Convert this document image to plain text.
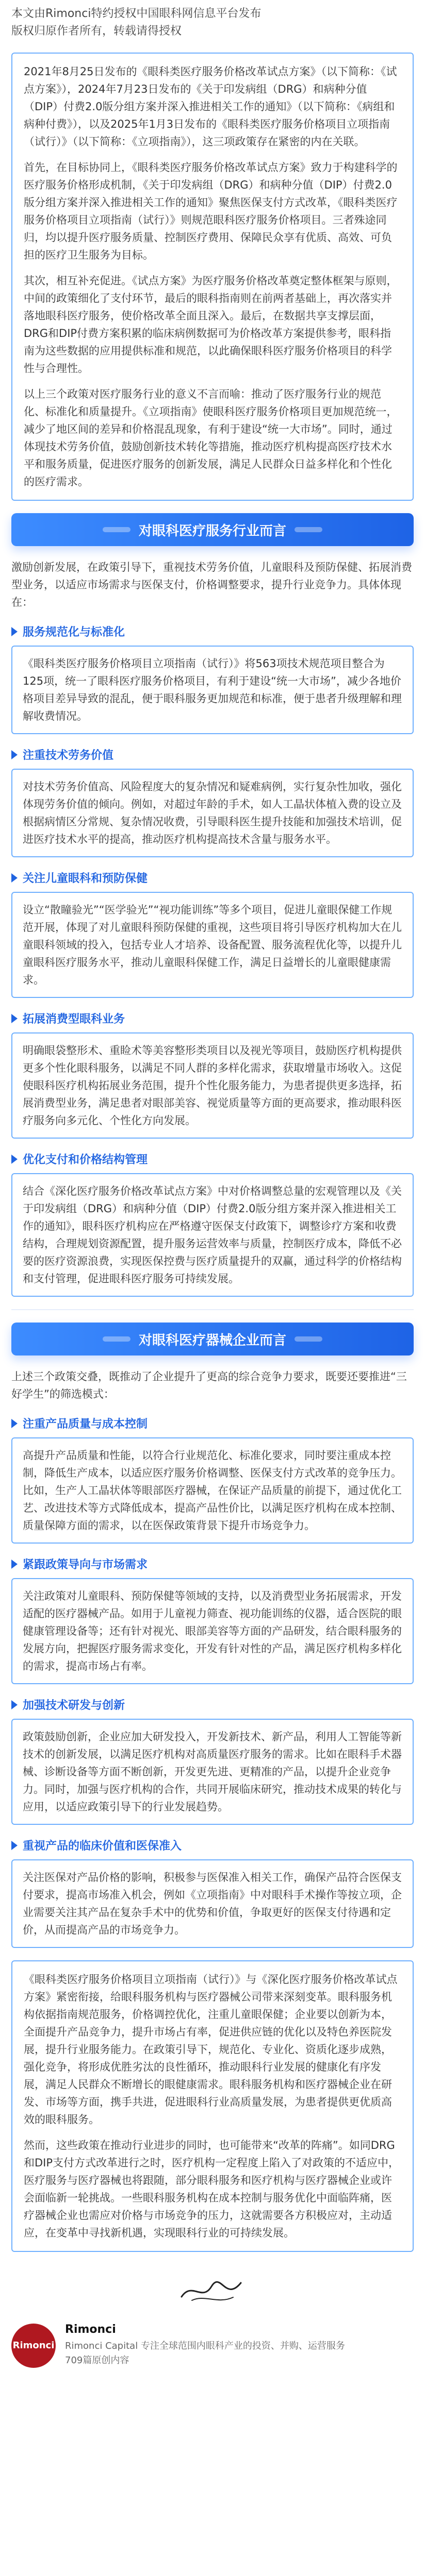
本文由Rimonci特约授权中国眼科网信息平台发布
版权归原作者所有，转载请得授权
2021年8月25日发布的《眼科类医疗服务价格改革试点方案》（以下简称：《试点方案》），2024年7月23日发布的《关于印发病组（DRG）和病种分值（DIP）付费2.0版分组方案并深入推进相关工作的通知》（以下简称：《病组和病种付费》），以及2025年1月3日发布的《眼科类医疗服务价格项目立项指南（试行）》（以下简称：《立项指南》），这三项政策存在紧密的内在关联。
首先，在目标协同上，《眼科类医疗服务价格改革试点方案》致力于构建科学的医疗服务价格形成机制，《关于印发病组（DRG）和病种分值（DIP）付费2.0版分组方案并深入推进相关工作的通知》聚焦医保支付方式改革，《眼科类医疗服务价格项目立项指南（试行）》则规范眼科医疗服务价格项目。三者殊途同归，均以提升医疗服务质量、控制医疗费用、保障民众享有优质、高效、可负担的医疗卫生服务为目标。
其次，相互补充促进。《试点方案》为医疗服务价格改革奠定整体框架与原则，中间的政策细化了支付环节，最后的眼科指南则在前两者基础上，再次落实并落地眼科医疗服务，使价格改革全面且深入。最后，在数据共享支撑层面，DRG和DIP付费方案积累的临床病例数据可为价格改革方案提供参考，眼科指南为这些数据的应用提供标准和规范，以此确保眼科医疗服务价格项目的科学性与合理性。
以上三个政策对医疗服务行业的意义不言而喻：推动了医疗服务行业的规范化、标准化和质量提升。《立项指南》使眼科医疗服务价格项目更加规范统一，减少了地区间的差异和价格混乱现象，有利于建设“统一大市场”。同时，通过体现技术劳务价值，鼓励创新技术转化等措施，推动医疗机构提高医疗技术水平和服务质量，促进医疗服务的创新发展，满足人民群众日益多样化和个性化的医疗需求。
对眼科医疗服务行业而言
激励创新发展，在政策引导下，重视技术劳务价值，儿童眼科及预防保健、拓展消费型业务，以适应市场需求与医保支付，价格调整要求，提升行业竞争力。具体体现在：
服务规范化与标准化
《眼科类医疗服务价格项目立项指南（试行）》将563项技术规范项目整合为125项，统一了眼科医疗服务价格项目，有利于建设“统一大市场”，减少各地价格项目差异导致的混乱，便于眼科服务更加规范和标准，便于患者升级理解和理解收费情况。
注重技术劳务价值
对技术劳务价值高、风险程度大的复杂情况和疑难病例，实行复杂性加收，强化体现劳务价值的倾向。例如，对超过年龄的手术，如人工晶状体植入费的设立及根据病情区分常规、复杂情况收费，引导眼科医生提升技能和加强技术培训，促进医疗技术水平的提高，推动医疗机构提高技术含量与服务水平。
关注儿童眼科和预防保健
设立“散瞳验光”“医学验光”“视功能训练”等多个项目，促进儿童眼保健工作规范开展，体现了对儿童眼科预防保健的重视，这些项目将引导医疗机构加大在儿童眼科领域的投入，包括专业人才培养、设备配置、服务流程优化等，以提升儿童眼科医疗服务水平，推动儿童眼科保健工作，满足日益增长的儿童眼健康需求。
拓展消费型眼科业务
明确眼袋整形术、重睑术等美容整形类项目以及视光等项目，鼓励医疗机构提供更多个性化眼科服务，以满足不同人群的多样化需求，获取增量市场收入。这促使眼科医疗机构拓展业务范围，提升个性化服务能力，为患者提供更多选择，拓展消费型业务，满足患者对眼部美容、视觉质量等方面的更高要求，推动眼科医疗服务向多元化、个性化方向发展。
优化支付和价格结构管理
结合《深化医疗服务价格改革试点方案》中对价格调整总量的宏观管理以及《关于印发病组（DRG）和病种分值（DIP）付费2.0版分组方案并深入推进相关工作的通知》，眼科医疗机构应在严格遵守医保支付政策下，调整诊疗方案和收费结构，合理规划资源配置，提升服务运营效率与质量，控制医疗成本，降低不必要的医疗资源浪费，实现医保控费与医疗质量提升的双赢，通过科学的价格结构和支付管理，促进眼科医疗服务可持续发展。
对眼科医疗器械企业而言
上述三个政策交叠，既推动了企业提升了更高的综合竞争力要求，既要还要推进“三好学生”的筛选模式：
注重产品质量与成本控制
高提升产品质量和性能，以符合行业规范化、标准化要求，同时要注重成本控制，降低生产成本，以适应医疗服务价格调整、医保支付方式改革的竞争压力。比如，生产人工晶状体等眼部医疗器械，在保证产品质量的前提下，通过优化工艺、改进技术等方式降低成本，提高产品性价比，以满足医疗机构在成本控制、质量保障方面的需求，以在医保政策背景下提升市场竞争力。
紧跟政策导向与市场需求
关注政策对儿童眼科、预防保健等领域的支持，以及消费型业务拓展需求，开发适配的医疗器械产品。如用于儿童视力筛查、视功能训练的仪器，适合医院的眼健康管理设备等；还有针对视光、眼部美容等方面的产品研发，结合眼科服务的发展方向，把握医疗服务需求变化，开发有针对性的产品，满足医疗机构多样化的需求，提高市场占有率。
加强技术研发与创新
政策鼓励创新，企业应加大研发投入，开发新技术、新产品，利用人工智能等新技术的创新发展，以满足医疗机构对高质量医疗服务的需求。比如在眼科手术器械、诊断设备等方面不断创新，开发更先进、更精准的产品，以提升企业竞争力。同时，加强与医疗机构的合作，共同开展临床研究，推动技术成果的转化与应用，以适应政策引导下的行业发展趋势。
重视产品的临床价值和医保准入
关注医保对产品价格的影响，积极参与医保准入相关工作，确保产品符合医保支付要求，提高市场准入机会，例如《立项指南》中对眼科手术操作等按立项，企业需要关注其产品在复杂手术中的优势和价值，争取更好的医保支付待遇和定价，从而提高产品的市场竞争力。
《眼科类医疗服务价格项目立项指南（试行）》与《深化医疗服务价格改革试点方案》紧密衔接，给眼科服务机构与医疗器械公司带来深刻变革。眼科服务机构依据指南规范服务，价格调控优化，注重儿童眼保健；企业要以创新为本，全面提升产品竞争力，提升市场占有率，促进供应链的优化以及特色养医院发展，提升行业服务能力。在政策引导下，规范化、专业化、资质化逐步成熟，强化竞争，将形成优胜劣汰的良性循环，推动眼科行业发展的健康化有序发展，满足人民群众不断增长的眼健康需求。眼科服务机构和医疗器械企业在研发、市场等方面，携手共进，促进眼科行业高质量发展，为患者提供更优质高效的眼科服务。
然而，这些政策在推动行业进步的同时，也可能带来“改革的阵痛”。如同DRG和DIP支付方式改革进行之时，医疗机构一定程度上陷入了对政策的不适应中，医疗服务与医疗器械也将跟随，部分眼科服务和医疗机构与医疗器械企业或许会面临新一轮挑战。一些眼科服务机构在成本控制与服务优化中面临阵痛，医疗器械企业也需应对价格与市场竞争的压力，这就需要各方积极应对，主动适应，在变革中寻找新机遇，实现眼科行业的可持续发展。
Rimonci
Rimonci
Rimonci Capital 专注全球范围内眼科产业的投资、并购、运营服务
709篇原创内容
